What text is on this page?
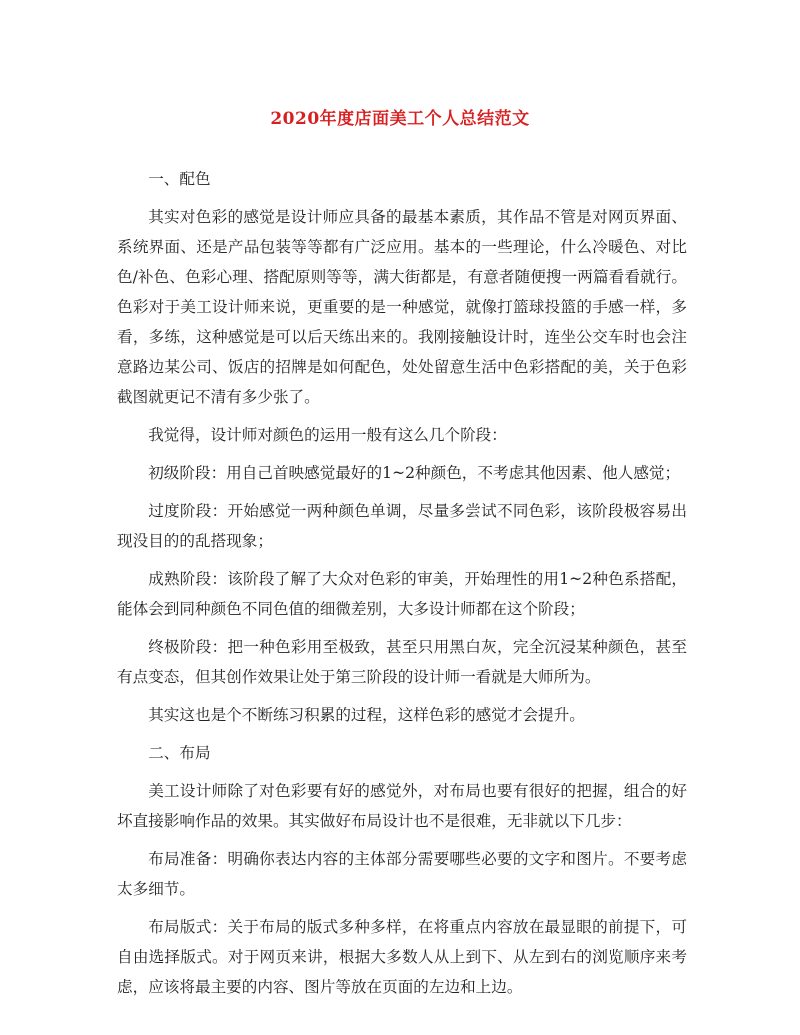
2020年度店面美工个人总结范文

一、配色

其实对色彩的感觉是设计师应具备的最基本素质，其作品不管是对网页界面、系统界面、还是产品包装等等都有广泛应用。基本的一些理论，什么冷暖色、对比色/补色、色彩心理、搭配原则等等，满大街都是，有意者随便搜一两篇看看就行。色彩对于美工设计师来说，更重要的是一种感觉，就像打篮球投篮的手感一样，多看，多练，这种感觉是可以后天练出来的。我刚接触设计时，连坐公交车时也会注意路边某公司、饭店的招牌是如何配色，处处留意生活中色彩搭配的美，关于色彩截图就更记不清有多少张了。

我觉得，设计师对颜色的运用一般有这么几个阶段：

初级阶段：用自己首映感觉最好的1~2种颜色，不考虑其他因素、他人感觉；

过度阶段：开始感觉一两种颜色单调，尽量多尝试不同色彩，该阶段极容易出现没目的的乱搭现象；

成熟阶段：该阶段了解了大众对色彩的审美，开始理性的用1~2种色系搭配，能体会到同种颜色不同色值的细微差别，大多设计师都在这个阶段；

终极阶段：把一种色彩用至极致，甚至只用黑白灰，完全沉浸某种颜色，甚至有点变态，但其创作效果让处于第三阶段的设计师一看就是大师所为。

其实这也是个不断练习积累的过程，这样色彩的感觉才会提升。

二、布局

美工设计师除了对色彩要有好的感觉外，对布局也要有很好的把握，组合的好坏直接影响作品的效果。其实做好布局设计也不是很难，无非就以下几步：

布局准备：明确你表达内容的主体部分需要哪些必要的文字和图片。不要考虑太多细节。

布局版式：关于布局的版式多种多样，在将重点内容放在最显眼的前提下，可自由选择版式。对于网页来讲，根据大多数人从上到下、从左到右的浏览顺序来考虑，应该将最主要的内容、图片等放在页面的左边和上边。
